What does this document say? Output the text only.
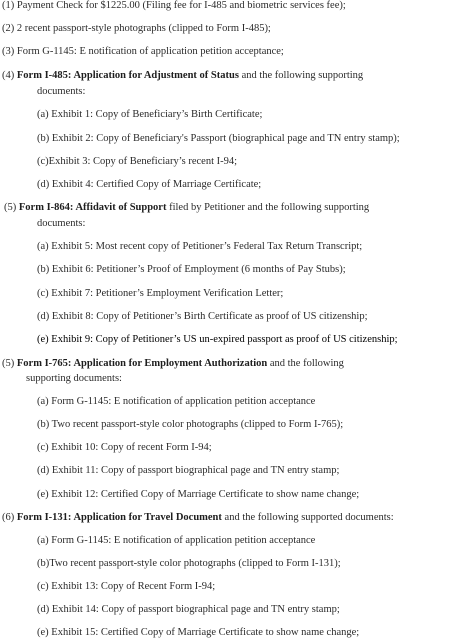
(1) Payment Check for $1225.00 (Filing fee for I-485 and biometric services fee);
(2) 2 recent passport-style photographs (clipped to Form I-485);
(3) Form G-1145: E notification of application petition acceptance;
(4) Form I-485: Application for Adjustment of Status and the following supporting
documents:
(a) Exhibit 1: Copy of Beneficiary’s Birth Certificate;
(b) Exhibit 2: Copy of Beneficiary's Passport (biographical page and TN entry stamp);
(c)Exhibit 3: Copy of Beneficiary’s recent I-94;
(d) Exhibit 4: Certified Copy of Marriage Certificate;
(5) Form I-864: Affidavit of Support filed by Petitioner and the following supporting
documents:
(a) Exhibit 5: Most recent copy of Petitioner’s Federal Tax Return Transcript;
(b) Exhibit 6: Petitioner’s Proof of Employment (6 months of Pay Stubs);
(c) Exhibit 7: Petitioner’s Employment Verification Letter;
(d) Exhibit 8: Copy of Petitioner’s Birth Certificate as proof of US citizenship;
(e) Exhibit 9: Copy of Petitioner’s US un-expired passport as proof of US citizenship;
(5) Form I-765: Application for Employment Authorization and the following
supporting documents:
(a) Form G-1145: E notification of application petition acceptance
(b) Two recent passport-style color photographs (clipped to Form I-765);
(c) Exhibit 10: Copy of recent Form I-94;
(d) Exhibit 11: Copy of passport biographical page and TN entry stamp;
(e) Exhibit 12: Certified Copy of Marriage Certificate to show name change;
(6) Form I-131: Application for Travel Document and the following supported documents:
(a) Form G-1145: E notification of application petition acceptance
(b)Two recent passport-style color photographs (clipped to Form I-131);
(c) Exhibit 13: Copy of Recent Form I-94;
(d) Exhibit 14: Copy of passport biographical page and TN entry stamp;
(e) Exhibit 15: Certified Copy of Marriage Certificate to show name change;
